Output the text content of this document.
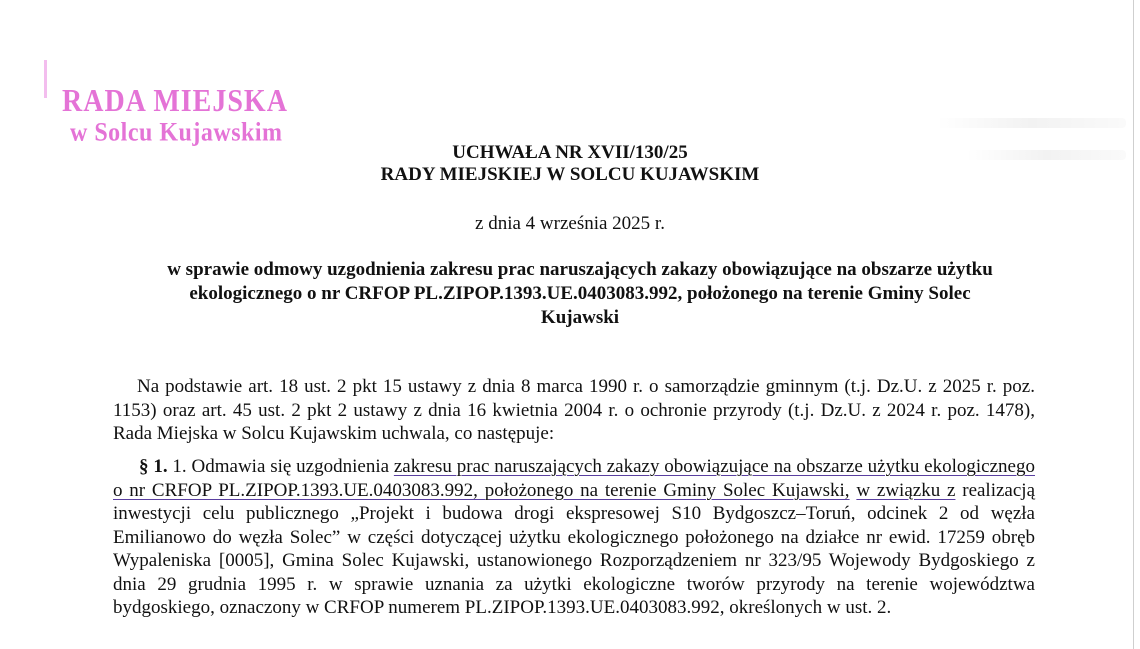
RADA MIEJSKA
w Solcu Kujawskim
UCHWAŁA NR XVII/130/25
RADY MIEJSKIEJ W SOLCU KUJAWSKIM
z dnia 4 września 2025 r.
w sprawie odmowy uzgodnienia zakresu prac naruszających zakazy obowiązujące na obszarze użytku
ekologicznego o nr CRFOP PL.ZIPOP.1393.UE.0403083.992, położonego na terenie Gminy Solec
Kujawski
Na podstawie art. 18 ust. 2 pkt 15 ustawy z dnia 8 marca 1990 r. o samorządzie gminnym (t.j. Dz.U. z 2025 r. poz. 1153) oraz art. 45 ust. 2 pkt 2 ustawy z dnia 16 kwietnia 2004 r. o ochronie przyrody (t.j. Dz.U. z 2024 r. poz. 1478), Rada Miejska w Solcu Kujawskim uchwala, co następuje:
§ 1. 1. Odmawia się uzgodnienia zakresu prac naruszających zakazy obowiązujące na obszarze użytku ekologicznego o nr CRFOP PL.ZIPOP.1393.UE.0403083.992, położonego na terenie Gminy Solec Kujawski, w związku z realizacją inwestycji celu publicznego „Projekt i budowa drogi ekspresowej S10 Bydgoszcz–Toruń, odcinek 2 od węzła Emilianowo do węzła Solec” w części dotyczącej użytku ekologicznego położonego na działce nr ewid. 17259 obręb Wypaleniska [0005], Gmina Solec Kujawski, ustanowionego Rozporządzeniem nr 323/95 Wojewody Bydgoskiego z dnia 29 grudnia 1995 r. w sprawie uznania za użytki ekologiczne tworów przyrody na terenie województwa bydgoskiego, oznaczony w CRFOP numerem PL.ZIPOP.1393.UE.0403083.992, określonych w ust. 2.
